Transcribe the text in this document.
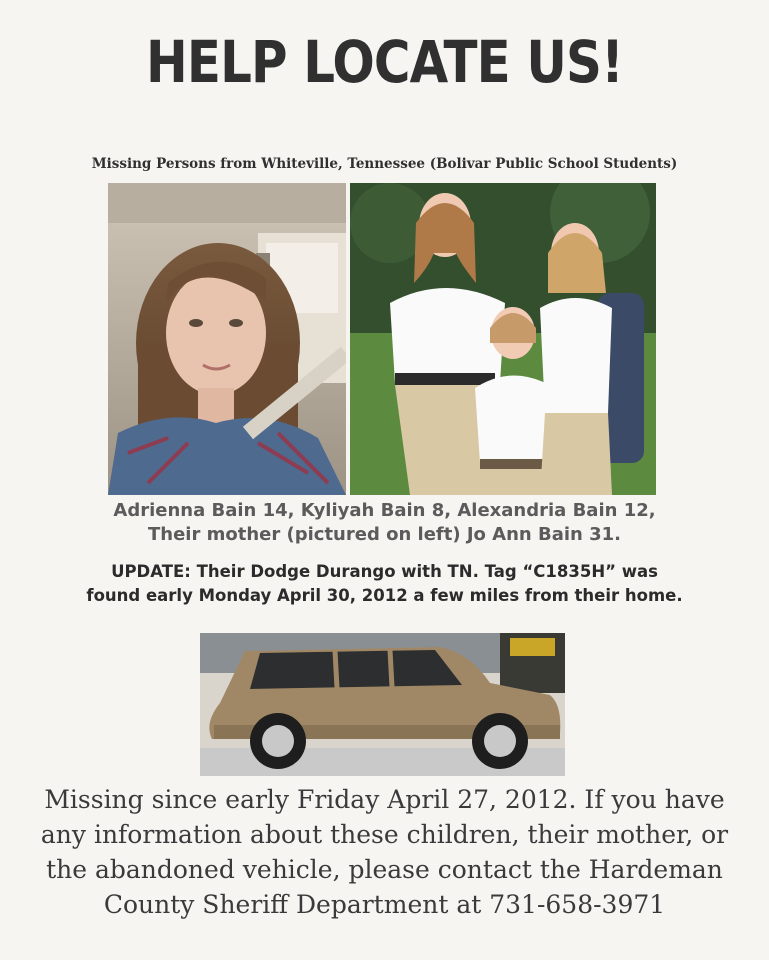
HELP LOCATE US!
Missing Persons from Whiteville, Tennessee (Bolivar Public School Students)
Adrienna Bain 14, Kyliyah Bain 8, Alexandria Bain 12,
Their mother (pictured on left) Jo Ann Bain 31.
UPDATE: Their Dodge Durango with TN. Tag “C1835H” was
found early Monday April 30, 2012 a few miles from their home.
Missing since early Friday April 27, 2012. If you have
any information about these children, their mother, or
the abandoned vehicle, please contact the Hardeman
County Sheriff Department at 731-658-3971
